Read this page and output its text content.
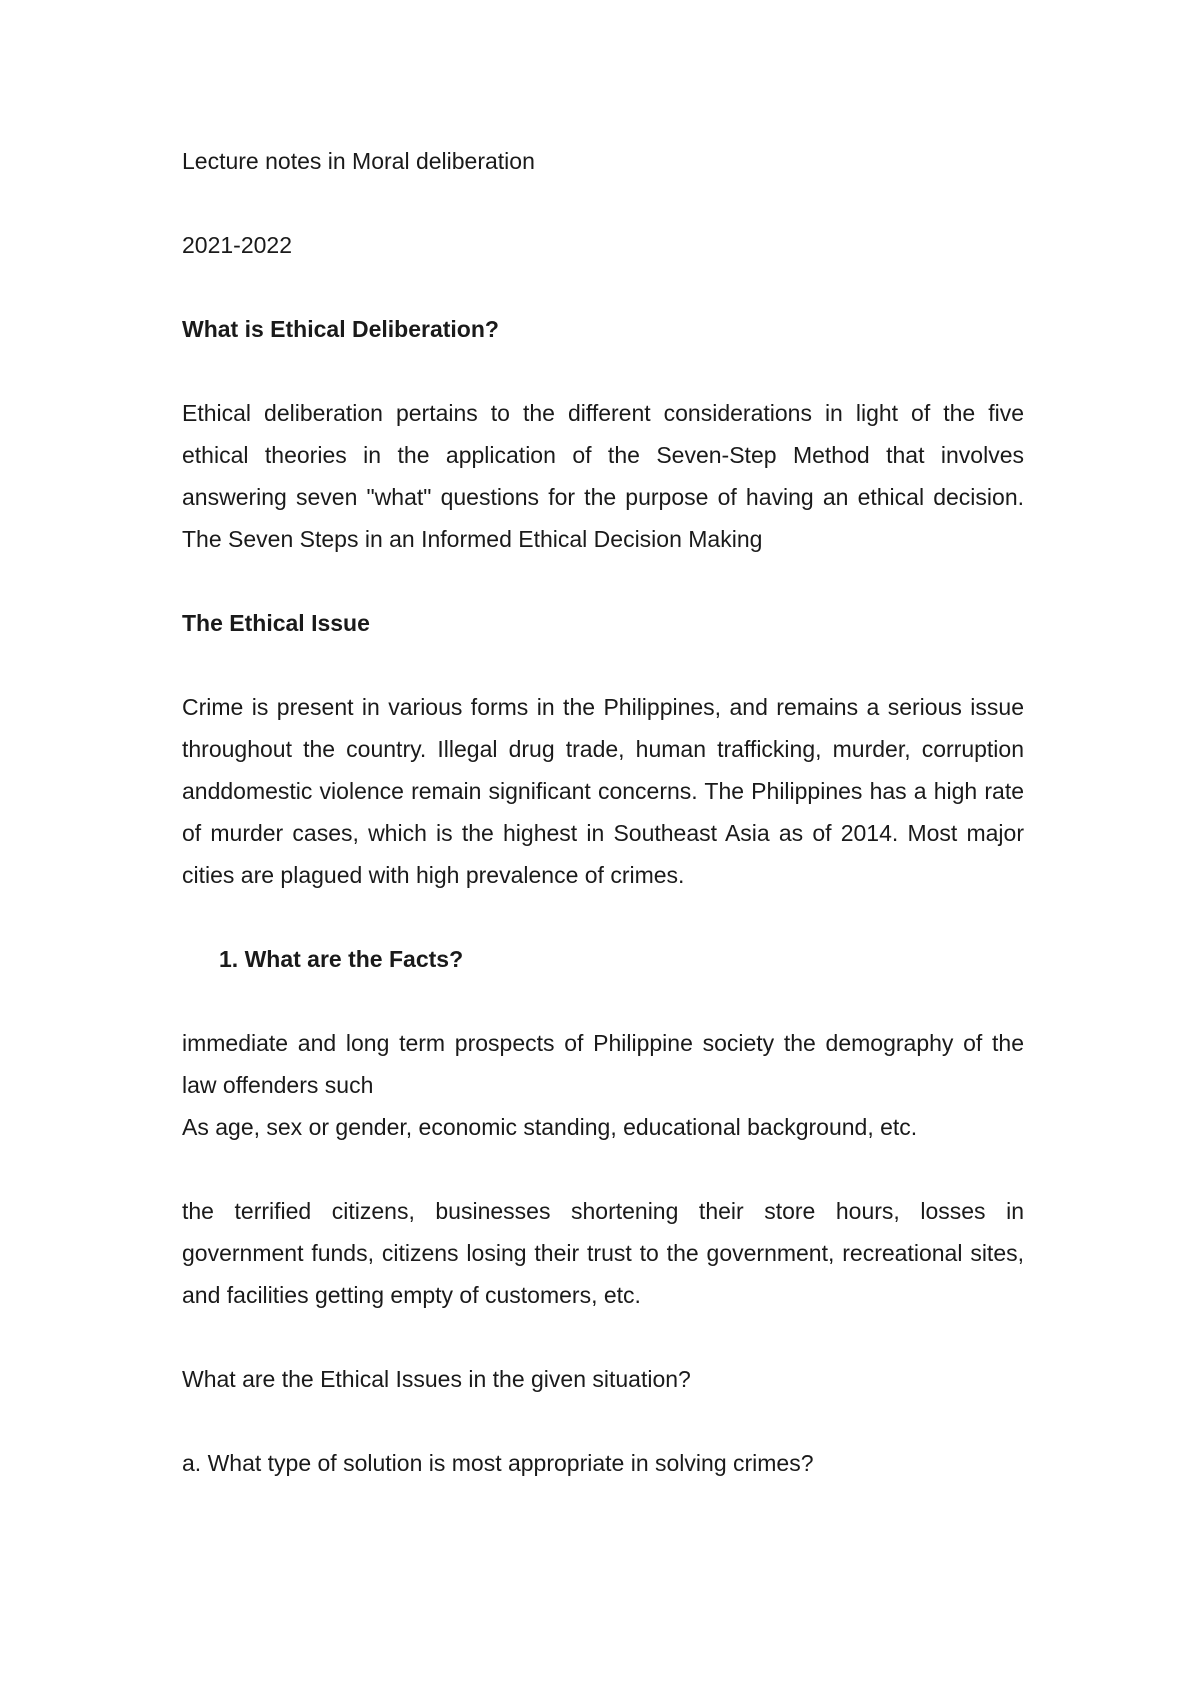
Lecture notes in Moral deliberation

2021-2022

What is Ethical Deliberation?

Ethical deliberation pertains to the different considerations in light of the five ethical theories in the application of the Seven-Step Method that involves answering seven "what" questions for the purpose of having an ethical decision. The Seven Steps in an Informed Ethical Decision Making

The Ethical Issue

Crime is present in various forms in the Philippines, and remains a serious issue throughout the country. Illegal drug trade, human trafficking, murder, corruption anddomestic violence remain significant concerns. The Philippines has a high rate of murder cases, which is the highest in Southeast Asia as of 2014. Most major cities are plagued with high prevalence of crimes.

1. What are the Facts?

immediate and long term prospects of Philippine society the demography of the law offenders such

As age, sex or gender, economic standing, educational background, etc.

the terrified citizens, businesses shortening their store hours, losses in government funds, citizens losing their trust to the government, recreational sites, and facilities getting empty of customers, etc.

What are the Ethical Issues in the given situation?

a. What type of solution is most appropriate in solving crimes?
